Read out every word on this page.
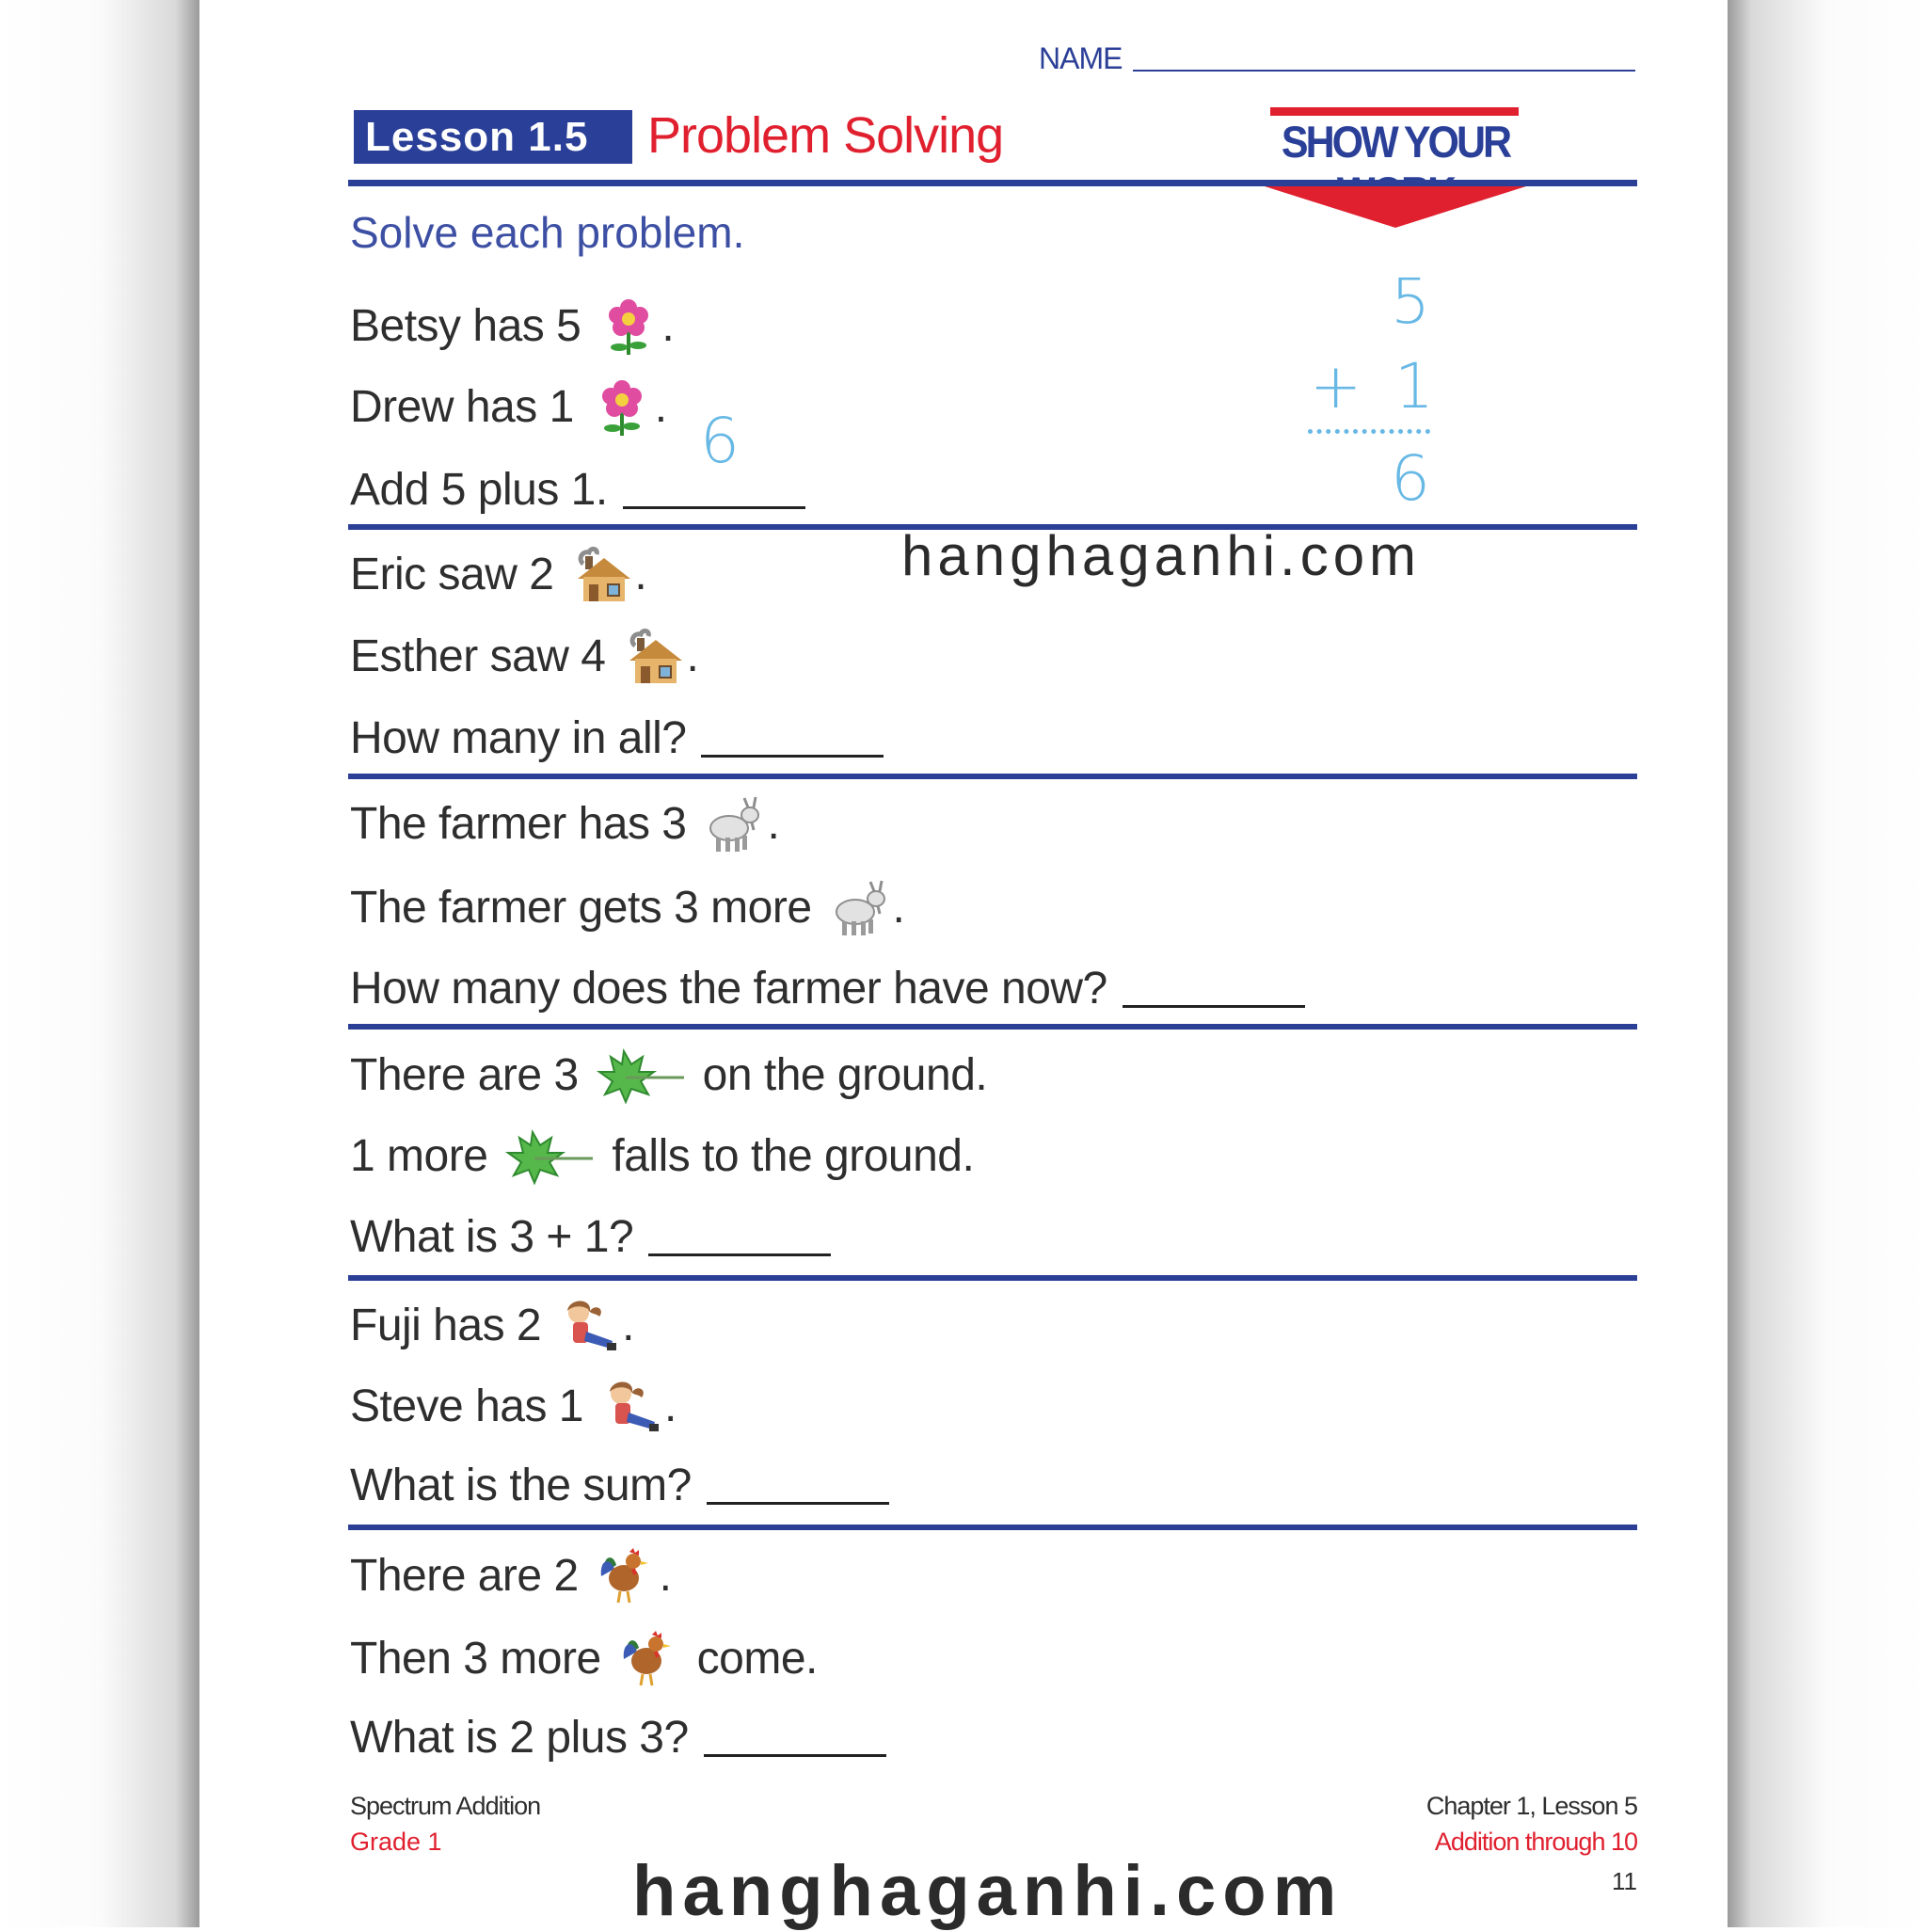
NAME
Lesson 1.5	Problem Solving	SHOW YOUR
Solve each problem.
6
5
+ 1
6
Betsy has 5 .
Drew has 1 .
Add 5 plus 1.
Eric saw 2 .
Esther saw 4 .
How many in all?
The farmer has 3 .
The farmer gets 3 more .
How many does the farmer have now?
There are 3	on the ground.
1 more	falls to the ground.
What is 3 + 1?
Fuji has 2 .
Steve has 1 .
What is the sum?
There are 2 .
Then 3 more come.
What is 2 plus 3?
Spectrum Addition
Grade 1
Chapter 1, Lesson 5
Addition through 10
11
hanghaganhi.com
hanghaganhi.com
